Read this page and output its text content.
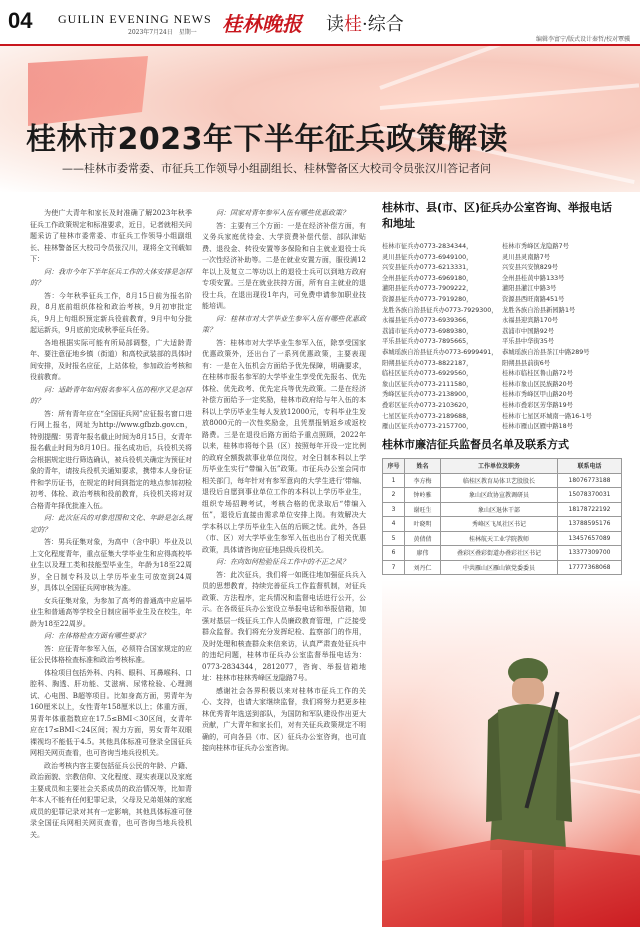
04 GUILIN EVENING NEWS
2023年7月24日　星期一 桂林晚报 读桂·综合
编辑李富宁/版式设计秦哲/校对覃骥
桂林市2023年下半年征兵政策解读
——桂林市委常委、市征兵工作领导小组副组长、桂林警备区大校司令员张汉川答记者问

为使广大青年和家长及时准确了解2023年秋季征兵工作政策规定和标准要求，近日，记者就相关问题采访了桂林市委常委、市征兵工作领导小组副组长、桂林警备区大校司令员张汉川，现将全文刊载如下：

问：我市今年下半年征兵工作的大体安排是怎样的？

答：今年秋季征兵工作，8月15日前为报名阶段，8月底前组织体检和政治考核，9月初审批定兵，9月上旬组织预定新兵役前教育，9月中旬分批起运新兵，9月底前完成秋季征兵任务。

各地根据实际可能有所局部调整，广大适龄青年、要注意征地乡镇（街道）和高校武装部的具体时间安排，及时报名应征，上站体检，参加政治考核和役前教育。

问：适龄青年如何报名参军入伍的程序又是怎样的？

答：所有青年应在“全国征兵网”应征报名窗口进行网上报名，网址为http://www.gfbzb.gov.cn，特别提醒：男青年报名截止时间为8月15日，女青年报名截止时间为8月10日。报名成功后，兵役机关将会根据规定进行筛选确认，被兵役机关确定为预征对象的青年，请按兵役机关通知要求，携带本人身份证件和学历证书，在规定的时间到指定的地点参加初检初考、体检、政治考核和役前教育，兵役机关将对双合格青年择优批准入伍。

问：此次征兵的对象范围和文化、年龄是怎么规定的？

答：男兵征集对象，为高中（含中职）毕业及以上文化程度青年，重点征集大学毕业生和应得高校毕业生以及理工类和技能型毕业生，年龄为18至22周岁，全日制专科及以上学历毕业生可放宽到24周岁，具体以全国征兵网审核为准。

女兵征集对象，为参加了高考的普通高中应届毕业生和普通高等学校全日制应届毕业生及在校生，年龄为18至22周岁。

问：在体格检查方面有哪些要求？

答：应征青年参军入伍，必须符合国家规定的应征公民体格检查标准和政治考核标准。

体检项目包括外科、内科、眼科、耳鼻喉科、口腔科、胸透、肝功能、艾滋病、尿常检验、心理测试、心电图、B超等项目。比如身高方面，男青年为160厘米以上，女性青年158厘米以上；体重方面，男青年体重指数应在17.5≤BMI＜30区间，女青年应在17≤BMI＜24区间；视力方面，男女青年双眼裸视均不能低于4.5。其他具体标准可登录全国征兵网相关网页查看，也可咨询当地兵役机关。

政治考核内容主要包括征兵公民的年龄、户籍、政治面貌、宗教信仰、文化程度、现实表现以及家庭主要成员和主要社会关系成员的政治情况等，比如青年本人不能有任何犯罪记录，父母及兄弟姐妹的家庭成员的犯罪记录对其有一定影响，其他具体标准可登录全国征兵网相关网页查看，也可咨询当地兵役机关。

问：国家对青年参军入伍有哪些优惠政策？

答：主要有三个方面：一是在经济补偿方面，有义务兵家庭优待金、大学资费补偿代偿、部队津贴费、退役金、转役安置等多保险和自主就业退役士兵一次性经济补助等。二是在就业安置方面，服役满12年以上及复立二等功以上的退役士兵可以到地方政府专项安置。三是在就业扶持方面，所有自主就业的退役士兵，在退出现役1年内，可免费申请参加职业技能培训。

问：桂林市对大学毕业生参军入伍有哪些优惠政策？

答：桂林市对大学毕业生参军入伍，除享受国家优惠政策外，还出台了一系列优惠政策，主要表现有：一是在入伍机会方面给予优先保障，明确要求，在桂林市报名参军的大学毕业生享受优先报名、优先体检、优先政考、优先定兵等优先政策。二是在经济补偿方面给予一定奖励，桂林市政府给与年入伍的本科以上学历毕业生每人发放12000元，专科毕业生发放8000元的一次性奖励金，且凭票报销返乡或返校路费。三是在退役后路方面给予重点照顾，2022年以来，桂林市将每个县（区）按照每年开设一定比例的政府全额拨款事业单位岗位，对全日制本科以上学历毕业生实行“带编入伍”政策。市征兵办公室会同市相关部门，每年针对有参军意向的大学生进行‘带编、退役后自愿到事业单位工作的本科以上学历毕业生，组织专场招聘考试，考核合格的优录取后“带编入伍”，退役后直接由需求单位安排上岗。有效解决大学本科以上学历毕业生入伍的后顾之忧。此外，各县（市、区）对大学毕业生参军入伍也出台了相关优惠政策，具体请咨询应征地县级兵役机关。

问：在向如何检验征兵工作中的不正之风？

答：此次征兵，我们将一如既往地加强征兵兵入员的思想教育，持续完善征兵工作监督机制，对征兵政策、方法程序，定兵情况和监督电话进行公开，公示。在各级征兵办公室设立举报电话和举报信箱，加强对基层一线征兵工作人员廉政教育管理，广泛接受群众监督。我们将充分发挥纪检、监察部门的作用，及时处理和核查群众来信来访，认真严肃查处征兵中的违纪问题，桂林市征兵办公室监督举报电话为：0773-2834344，2812077，咨询、举报信箱地址：桂林市桂林秀峰区龙隐路7号。

感谢社会各界积极以来对桂林市征兵工作的关心、支持，也请大家继续监督，我们将努力把更多桂林优秀青年选送到部队，为国防和军队建设作出更大贡献，广大青年和家长们，对有关征兵政策规定不明确的，可向各县（市、区）征兵办公室咨询，也可直接向桂林市征兵办公室咨询。

桂林市、县(市、区)征兵办公室咨询、举报电话和地址
桂林市征兵办0773-2834344，	桂林市秀峰区龙隐路7号
灵川县征兵办0773-6949100，	灵川县灵南路7号
兴安县征兵办0773-6213331，	兴安县兴安镇829号
全州县征兵办0773-6969180，	全州县桂黄中路133号
灌阳县征兵办0773-7909222，	灌阳县灌江中路3号
资源县征兵办0773-7919280，	资源县西旺南路451号
龙胜各族自治县征兵办0773-7929300， 龙胜各族自治县新园路1号
永福县征兵办0773-6939366，	永福县迎宾路170号
荔浦市征兵办0773-6989380，	荔浦市中国路92号
平乐县征兵办0773-7895665，	平乐县中华街35号
恭城瑶族自治县征兵办0773-6999491， 恭城瑶族自治县茶江中路289号
阳朔县征兵办0773-8822187，	阳朔县县前街6号
临桂区征兵办0773-6929560，	桂林市临桂区鲁山路72号
象山区征兵办0773-2111580，	桂林市象山区民族路20号
秀峰区征兵办0773-2138900，	桂林市秀峰区甲山路20号
叠彩区征兵办0773-2103620，	桂林市叠彩区芳华路19号
七星区征兵办0773-2189688，	桂林市七星区环城南一路16-1号
雁山区征兵办0773-2157700，	桂林市雁山区雁中路18号
桂林市廉洁征兵监督员名单及联系方式
序号	姓名	工作单位及职务	联系电话
1	李方梅	临桂区教育局体卫艺股股长	18076773188
2	钟岭雅	象山区政协宣教调研员	15078370031
3	谢旺生	象山区退休干部	18178722192
4	叶晓明	秀峰区飞凤社区书记	13788595176
5	黄倩倩	桂林航天工业学院教师	13457657089
6	廖伟	叠彩区叠彩街道办叠彩社区书记	13377309700
7	刘丹仁	中共雁山区雁山镇党委委员	17777368068
